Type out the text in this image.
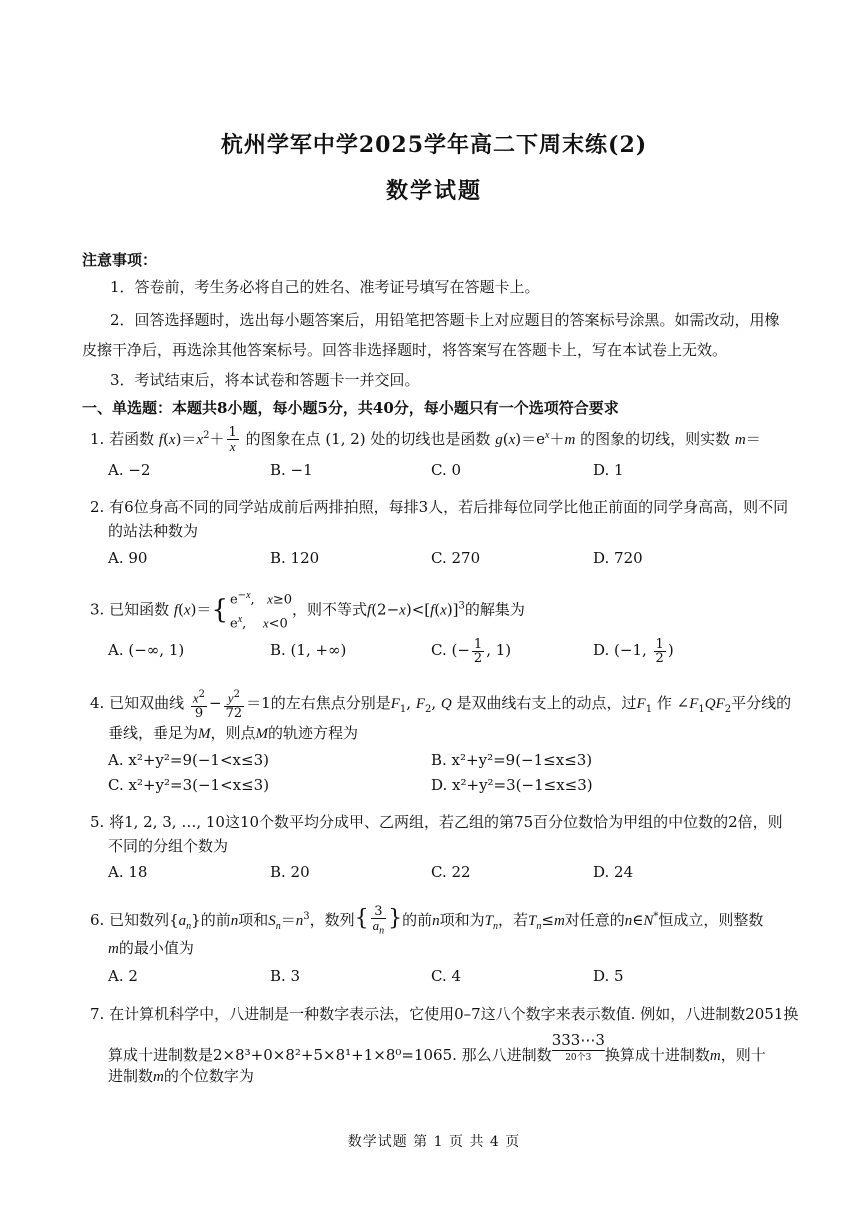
杭州学军中学2025学年高二下周末练(2)
数学试题
注意事项：
1．答卷前，考生务必将自己的姓名、准考证号填写在答题卡上。
2．回答选择题时，选出每小题答案后，用铅笔把答题卡上对应题目的答案标号涂黑。如需改动，用橡
皮擦干净后，再选涂其他答案标号。回答非选择题时，将答案写在答题卡上，写在本试卷上无效。
3．考试结束后，将本试卷和答题卡一并交回。
一、单选题：本题共8小题，每小题5分，共40分，每小题只有一个选项符合要求
1. 若函数 $f(x)=x^2+ \frac{1}{x}$ 的图象在点 (1, 2) 处的切线也是函数 $g(x)=e^x+m$ 的图象的切线，则实数 m＝
A. −2	B. −1	C. 0	D. 1
2. 有6位身高不同的同学站成前后两排拍照，每排3人，若后排每位同学比他正前面的同学身高高，则不同
的站法种数为
A. 90	B. 120	C. 270	D. 720
3. 已知函数 f(x)＝{ $e^{-x}$,   x≥0
$e^x$,    x<0，则不等式$f(2-x)<[f(x)]^3$的解集为
A. (−∞, 1)	B. (1, +∞)	C. (− $\frac{1}{2}$ , 1)	D. (−1, $\frac{1}{2}$ )
4. 已知双曲线 $\frac{x^2}{9} - \frac{y^2}{72} =1$的左右焦点分别是$F_1$, $F_2$, Q 是双曲线右支上的动点，过$F_1$ 作 $\angle F_1QF_2$平分线的
垂线，垂足为M，则点M的轨迹方程为
A. x²+y²=9(−1<x≤3)	B. x²+y²=9(−1≤x≤3)
C. x²+y²=3(−1<x≤3)	D. x²+y²=3(−1≤x≤3)
5. 将1, 2, 3, …, 10这10个数平均分成甲、乙两组，若乙组的第75百分位数恰为甲组的中位数的2倍，则
不同的分组个数为
A. 18	B. 20	C. 22	D. 24
6. 已知数列$\{a_n\}$的前n项和$S_n=n^3$，数列{ $\frac{3}{a_n}$ }的前n项和为$T_n$，若$T_n\le m$对任意的n∈N*恒成立，则整数
m的最小值为
A. 2	B. 3	C. 4	D. 5
7. 在计算机科学中，八进制是一种数字表示法，它使用0–7这八个数字来表示数值. 例如，八进制数2051换
算成十进制数是2×8³+0×8²+5×8¹+1×8⁰=1065. 那么八进制数333⋯3
20个3 换算成十进制数m，则十
进制数m的个位数字为
数学试题 第 1 页 共 4 页
